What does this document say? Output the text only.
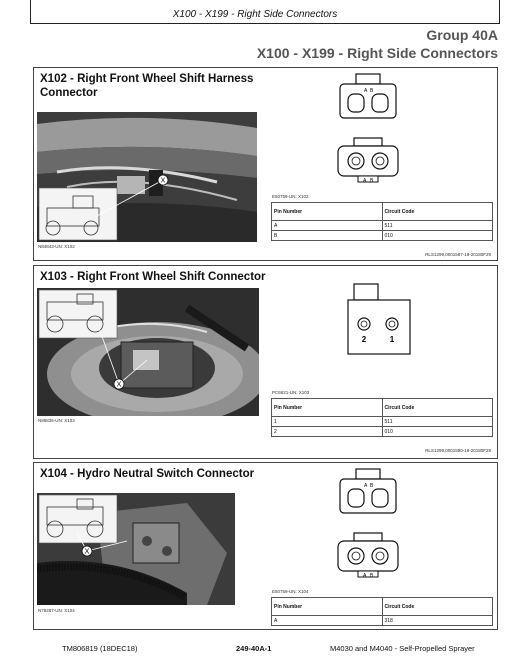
X100 - X199 - Right Side Connectors
Group 40A
X100 - X199 - Right Side Connectors
X102 - Right Front Wheel Shift Harness Connector
X
N84843-UN: X102
A B
A B
E50759-UN: X102
Pin Number	Circuit Code
A	511
B	010
RLS1299,0001587-19-20180F29
X103 - Right Front Wheel Shift Connector
X
N86835-UN: X103
2	1
PC6621-UN: X103
Pin Number	Circuit Code
1	511
2	010
RLS1299,0001590-19-20180F29
X104 - Hydro Neutral Switch Connector
X
N78287-UN: X104
A B
A B
E50759-UN: X104
Pin Number	Circuit Code
A	318
TM806819 (18DEC18)	249-40A-1	M4030 and M4040 - Self-Propelled Sprayer
